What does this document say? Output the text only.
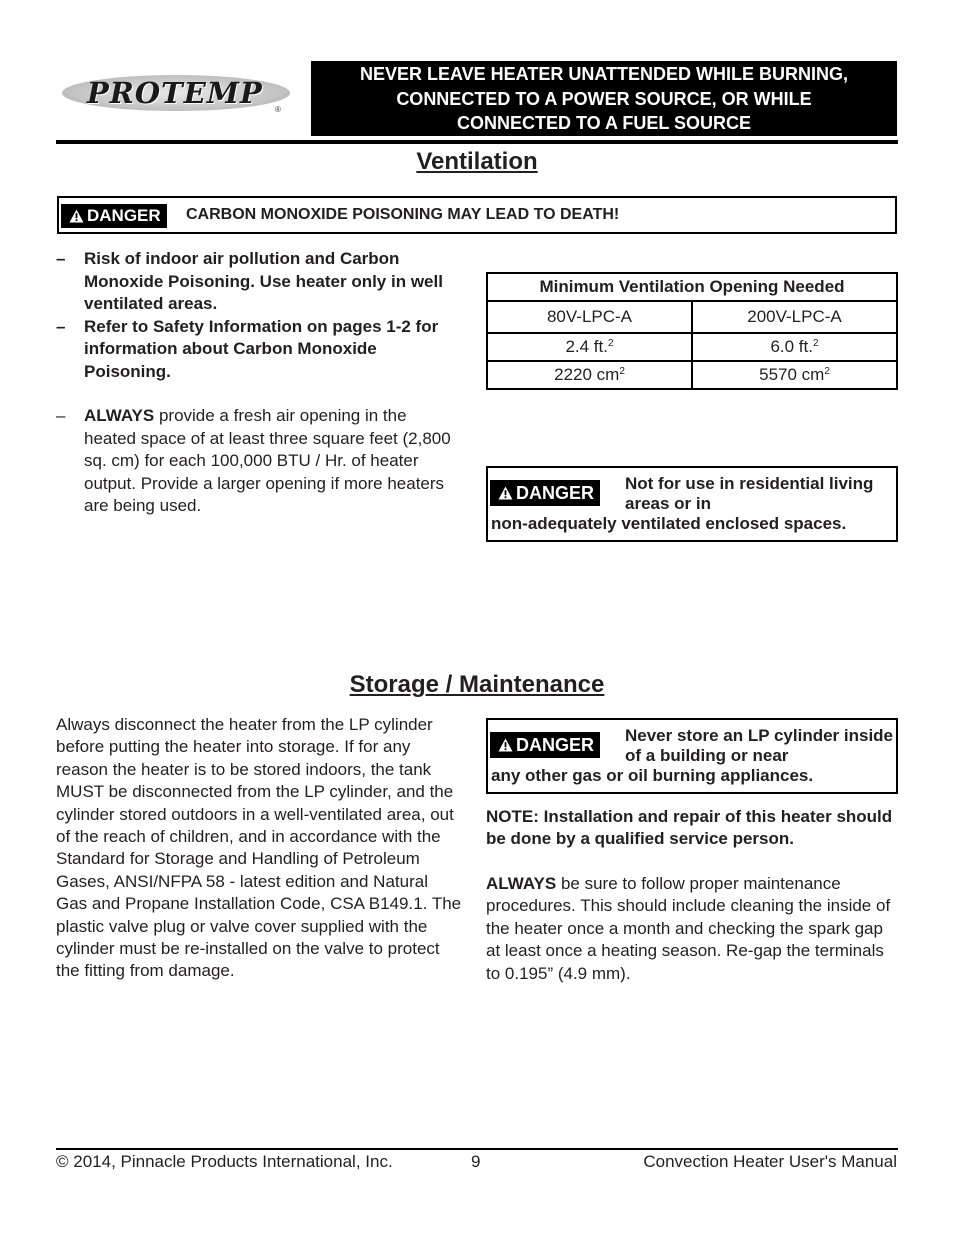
PROTEMP	®
NEVER LEAVE HEATER UNATTENDED WHILE BURNING,
CONNECTED TO A POWER SOURCE, OR WHILE
CONNECTED TO A FUEL SOURCE
Ventilation
DANGER CARBON MONOXIDE POISONING MAY LEAD TO DEATH!
– Risk of indoor air pollution and Carbon Monoxide Poisoning. Use heater only in well ventilated areas.
– Refer to Safety Information on pages 1-2 for information about Carbon Monoxide Poisoning.
– ALWAYS provide a fresh air opening in the heated space of at least three square feet (2,800 sq. cm) for each 100,000 BTU / Hr. of heater output. Provide a larger opening if more heaters are being used.
Minimum Ventilation Opening Needed	
80V-LPC-A	200V-LPC-A
2.4 ft.$^2$	6.0 ft.$^2$
2220 $cm^2$	5570 $cm^2$
DANGER Not for use in residential living areas or in
non-adequately ventilated enclosed spaces.
Storage / Maintenance
Always disconnect the heater from the LP cylinder before putting the heater into storage. If for any reason the heater is to be stored indoors, the tank MUST be disconnected from the LP cylinder, and the cylinder stored outdoors in a well-ventilated area, out of the reach of children, and in accordance with the Standard for Storage and Handling of Petroleum Gases, ANSI/NFPA 58 - latest edition and Natural Gas and Propane Installation Code, CSA B149.1. The plastic valve plug or valve cover supplied with the cylinder must be re-installed on the valve to protect the fitting from damage.
DANGER Never store an LP cylinder inside of a building or near
any other gas or oil burning appliances.
NOTE: Installation and repair of this heater should be done by a qualified service person.
ALWAYS be sure to follow proper maintenance procedures. This should include cleaning the inside of the heater once a month and checking the spark gap at least once a heating season. Re-gap the terminals to 0.195” (4.9 mm).
© 2014, Pinnacle Products International, Inc.	9	Convection Heater User's Manual
